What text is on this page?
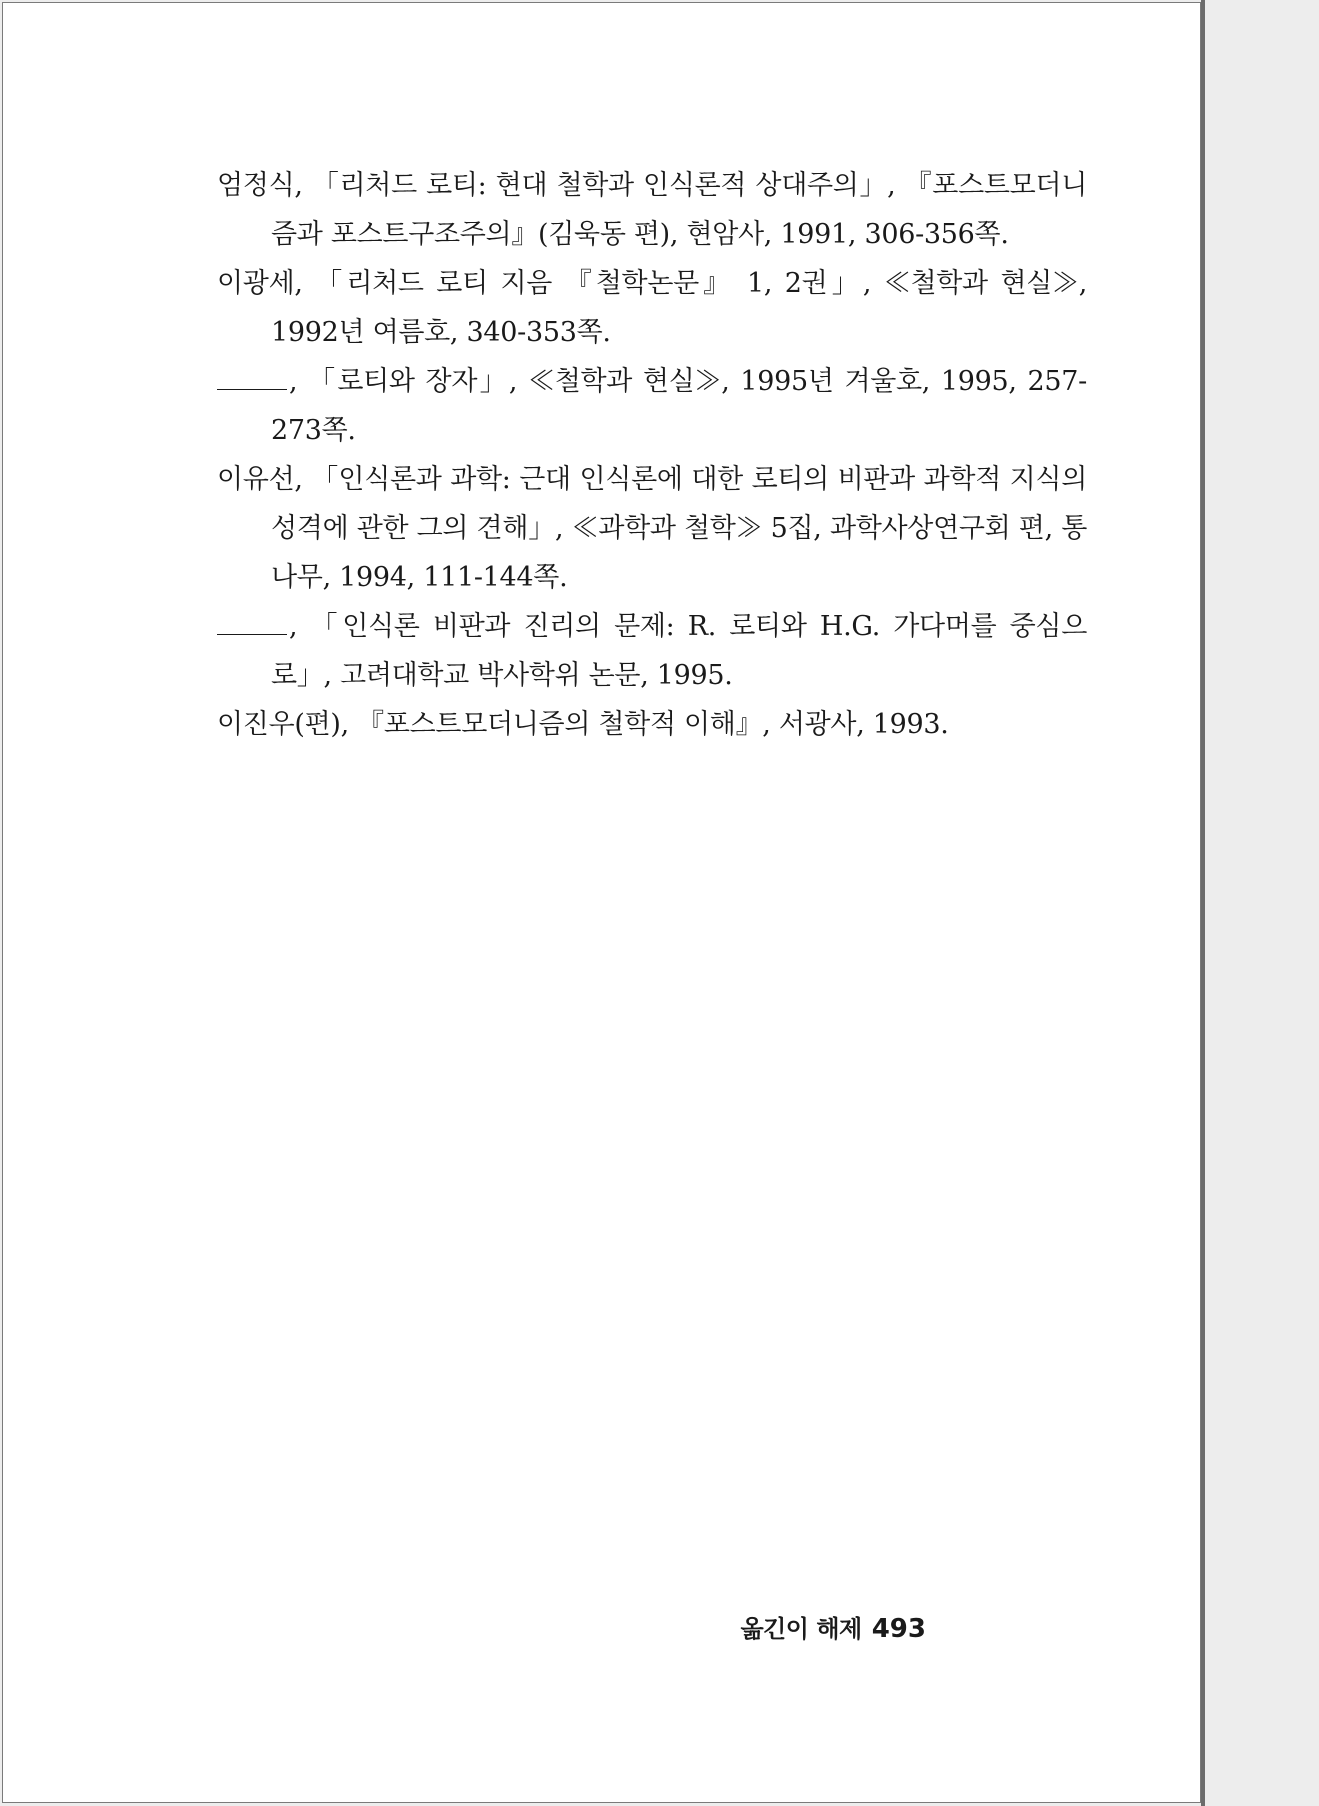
엄정식, 「리처드 로티: 현대 철학과 인식론적 상대주의」, 『포스트모더니즘과 포스트구조주의』(김욱동 편), 현암사, 1991, 306-356쪽.
이광세, 「리처드 로티 지음 『철학논문』 1, 2권」, ≪철학과 현실≫, 1992년 여름호, 340-353쪽.
, 「로티와 장자」, ≪철학과 현실≫, 1995년 겨울호, 1995, 257-273쪽.
이유선, 「인식론과 과학: 근대 인식론에 대한 로티의 비판과 과학적 지식의 성격에 관한 그의 견해」, ≪과학과 철학≫ 5집, 과학사상연구회 편, 통나무, 1994, 111-144쪽.
, 「인식론 비판과 진리의 문제: R. 로티와 H.G. 가다머를 중심으로」, 고려대학교 박사학위 논문, 1995.
이진우(편), 『포스트모더니즘의 철학적 이해』, 서광사, 1993.
옮긴이 해제 493
